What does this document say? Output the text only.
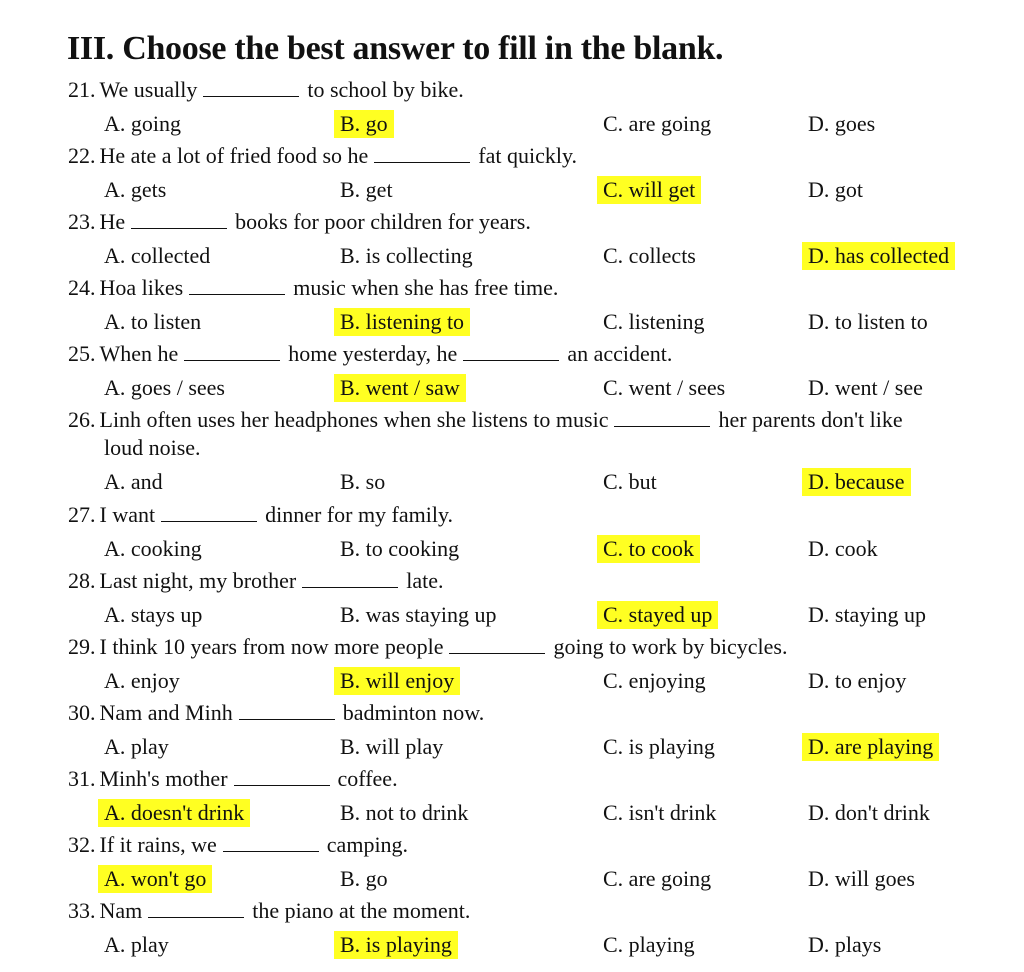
III. Choose the best answer to fill in the blank.
21. We usually	to school by bike.
A. going	B. go	C. are going	D. goes
22. He ate a lot of fried food so he	fat quickly.
A. gets	B. get	C. will get	D. got
23. He	books for poor children for years.
A. collected	B. is collecting	C. collects	D. has collected
24. Hoa likes	music when she has free time.
A. to listen	B. listening to	C. listening	D. to listen to
25. When he	home yesterday, he	an accident.
A. goes / sees	B. went / saw	C. went / sees	D. went / see
26. Linh often uses her headphones when she listens to music	her parents don't like
loud noise.
A. and	B. so	C. but	D. because
27. I want	dinner for my family.
A. cooking	B. to cooking	C. to cook	D. cook
28. Last night, my brother	late.
A. stays up	B. was staying up	C. stayed up	D. staying up
29. I think 10 years from now more people	going to work by bicycles.
A. enjoy	B. will enjoy	C. enjoying	D. to enjoy
30. Nam and Minh	badminton now.
A. play	B. will play	C. is playing	D. are playing
31. Minh's mother	coffee.
A. doesn't drink	B. not to drink	C. isn't drink	D. don't drink
32. If it rains, we	camping.
A. won't go	B. go	C. are going	D. will goes
33. Nam	the piano at the moment.
A. play	B. is playing	C. playing	D. plays
